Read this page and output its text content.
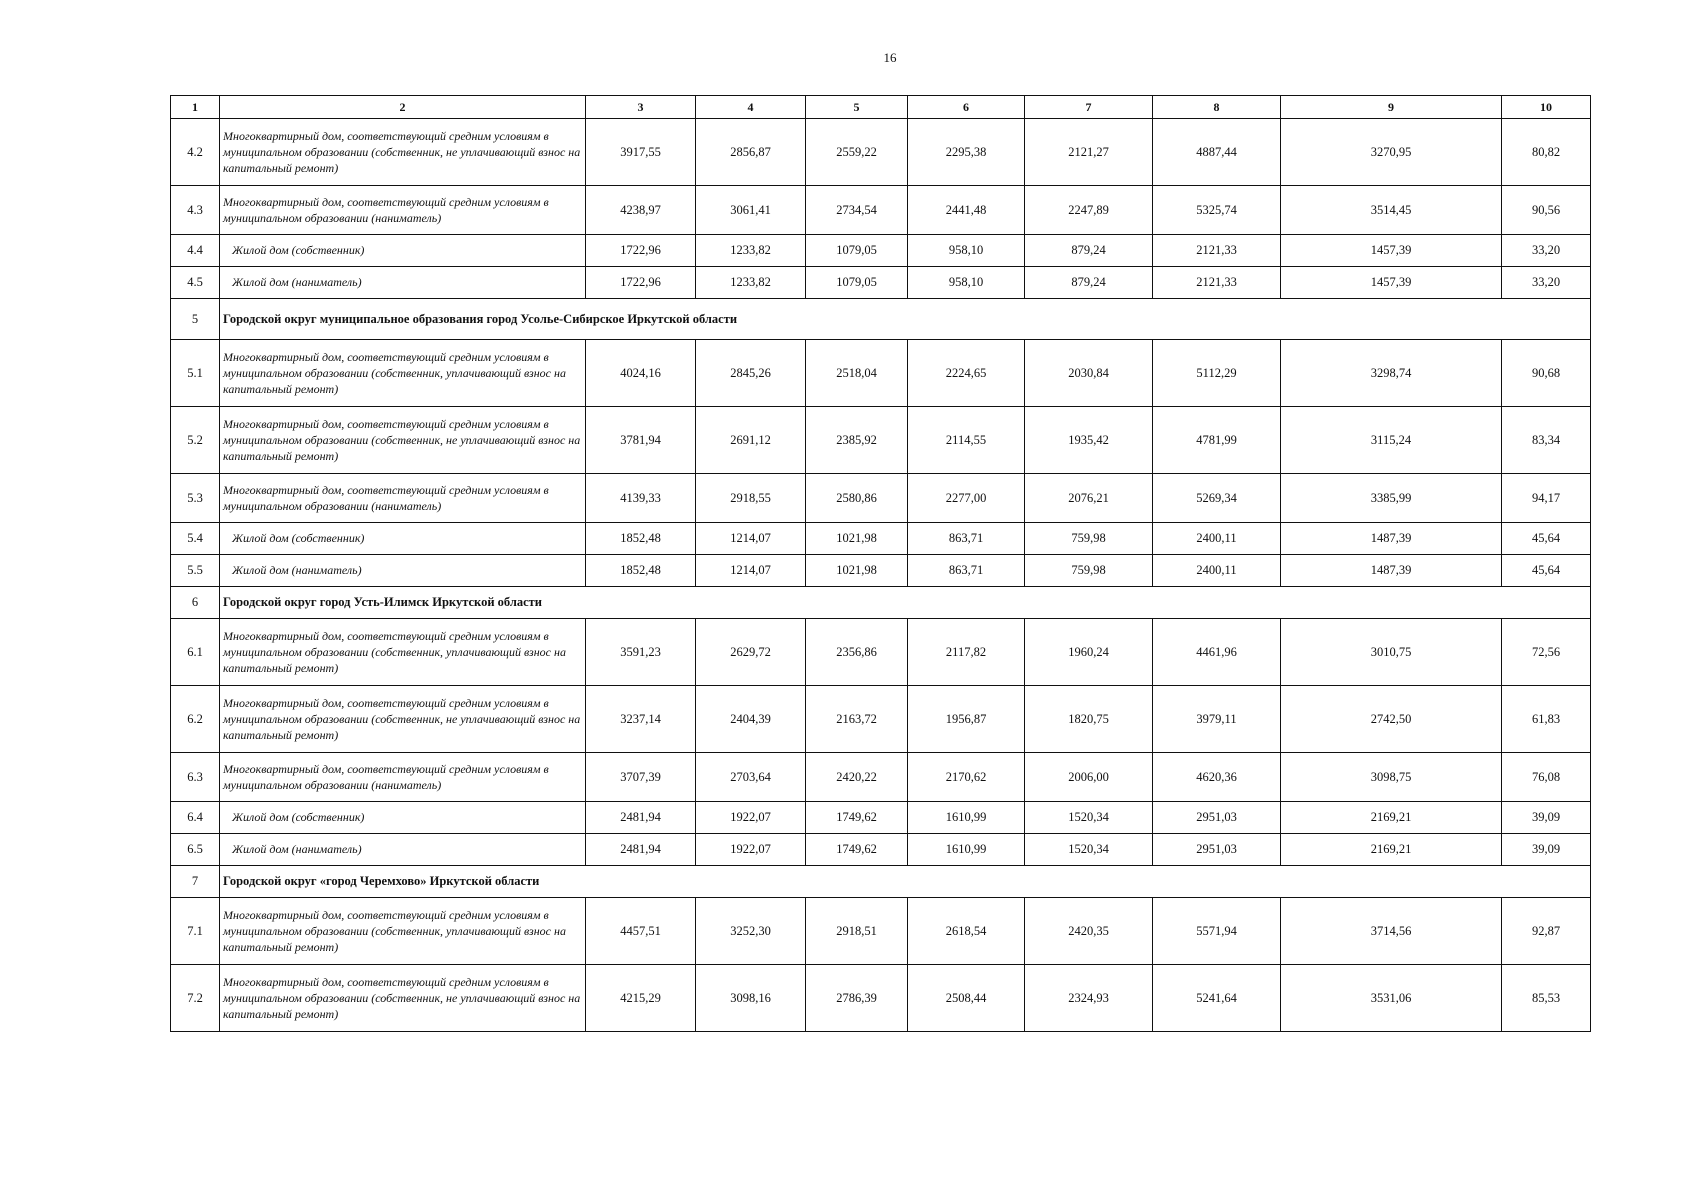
16
1	2	3	4	5	6	7	8	9	10
4.2	Многоквартирный дом, соответствующий средним условиям в муниципальном образовании (собственник, не уплачивающий взнос на капитальный ремонт)	3917,55	2856,87	2559,22	2295,38	2121,27	4887,44	3270,95	80,82
4.3	Многоквартирный дом, соответствующий средним условиям в муниципальном образовании (наниматель)	4238,97	3061,41	2734,54	2441,48	2247,89	5325,74	3514,45	90,56
4.4	Жилой дом (собственник)	1722,96	1233,82	1079,05	958,10	879,24	2121,33	1457,39	33,20
4.5	Жилой дом (наниматель)	1722,96	1233,82	1079,05	958,10	879,24	2121,33	1457,39	33,20
5	Городской округ муниципальное образования город Усолье-Сибирское Иркутской области								
5.1	Многоквартирный дом, соответствующий средним условиям в муниципальном образовании (собственник, уплачивающий взнос на капитальный ремонт)	4024,16	2845,26	2518,04	2224,65	2030,84	5112,29	3298,74	90,68
5.2	Многоквартирный дом, соответствующий средним условиям в муниципальном образовании (собственник, не уплачивающий взнос на капитальный ремонт)	3781,94	2691,12	2385,92	2114,55	1935,42	4781,99	3115,24	83,34
5.3	Многоквартирный дом, соответствующий средним условиям в муниципальном образовании (наниматель)	4139,33	2918,55	2580,86	2277,00	2076,21	5269,34	3385,99	94,17
5.4	Жилой дом (собственник)	1852,48	1214,07	1021,98	863,71	759,98	2400,11	1487,39	45,64
5.5	Жилой дом (наниматель)	1852,48	1214,07	1021,98	863,71	759,98	2400,11	1487,39	45,64
6	Городской округ город Усть-Илимск Иркутской области								
6.1	Многоквартирный дом, соответствующий средним условиям в муниципальном образовании (собственник, уплачивающий взнос на капитальный ремонт)	3591,23	2629,72	2356,86	2117,82	1960,24	4461,96	3010,75	72,56
6.2	Многоквартирный дом, соответствующий средним условиям в муниципальном образовании (собственник, не уплачивающий взнос на капитальный ремонт)	3237,14	2404,39	2163,72	1956,87	1820,75	3979,11	2742,50	61,83
6.3	Многоквартирный дом, соответствующий средним условиям в муниципальном образовании (наниматель)	3707,39	2703,64	2420,22	2170,62	2006,00	4620,36	3098,75	76,08
6.4	Жилой дом (собственник)	2481,94	1922,07	1749,62	1610,99	1520,34	2951,03	2169,21	39,09
6.5	Жилой дом (наниматель)	2481,94	1922,07	1749,62	1610,99	1520,34	2951,03	2169,21	39,09
7	Городской округ «город Черемхово» Иркутской области								
7.1	Многоквартирный дом, соответствующий средним условиям в муниципальном образовании (собственник, уплачивающий взнос на капитальный ремонт)	4457,51	3252,30	2918,51	2618,54	2420,35	5571,94	3714,56	92,87
7.2	Многоквартирный дом, соответствующий средним условиям в муниципальном образовании (собственник, не уплачивающий взнос на капитальный ремонт)	4215,29	3098,16	2786,39	2508,44	2324,93	5241,64	3531,06	85,53
